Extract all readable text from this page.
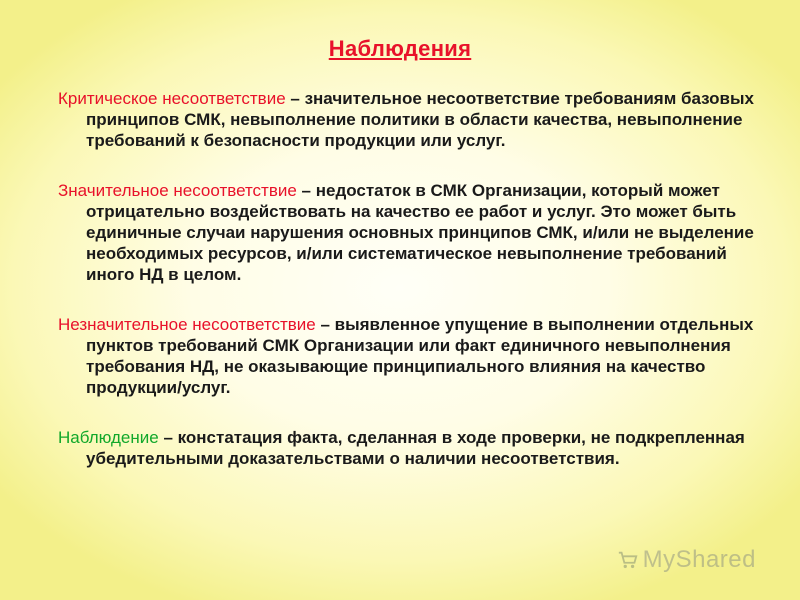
Наблюдения

Критическое несоответствие – значительное несоответствие требованиям базовых принципов СМК, невыполнение политики в области качества, невыполнение требований к безопасности продукции или услуг.

Значительное несоответствие – недостаток в СМК Организации, который может отрицательно воздействовать на качество ее работ и услуг. Это может быть единичные случаи нарушения основных принципов СМК, и/или не выделение необходимых ресурсов, и/или систематическое невыполнение требований иного НД в целом.

Незначительное несоответствие – выявленное упущение в выполнении отдельных пунктов требований СМК Организации или факт единичного невыполнения требования НД, не оказывающие принципиального влияния на качество продукции/услуг.

Наблюдение – констатация факта, сделанная в ходе проверки, не подкрепленная убедительными доказательствами о наличии несоответствия.

MyShared
